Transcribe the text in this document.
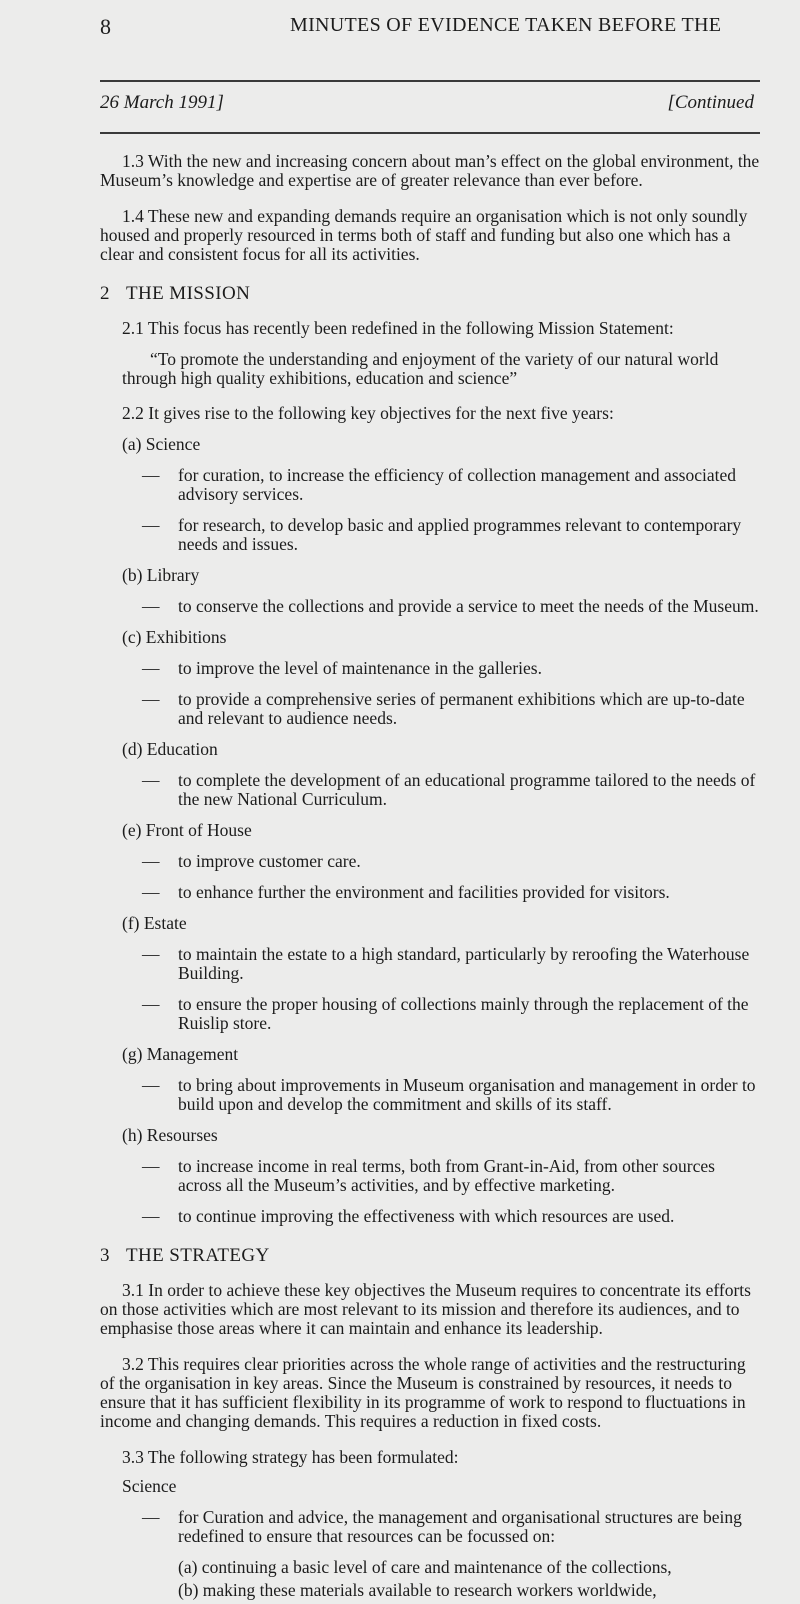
8	MINUTES OF EVIDENCE TAKEN BEFORE THE
26 March 1991]	[Continued

1.3 With the new and increasing concern about man’s effect on the global environment, the Museum’s knowledge and expertise are of greater relevance than ever before.

1.4 These new and expanding demands require an organisation which is not only soundly housed and properly resourced in terms both of staff and funding but also one which has a clear and consistent focus for all its activities.

2 THE MISSION

2.1 This focus has recently been redefined in the following Mission Statement:

“To promote the understanding and enjoyment of the variety of our natural world through high quality exhibitions, education and science”

2.2 It gives rise to the following key objectives for the next five years:

(a) Science

— for curation, to increase the efficiency of collection management and associated advisory services.
— for research, to develop basic and applied programmes relevant to contemporary needs and issues.

(b) Library

— to conserve the collections and provide a service to meet the needs of the Museum.

(c) Exhibitions

— to improve the level of maintenance in the galleries.
— to provide a comprehensive series of permanent exhibitions which are up-to-date and relevant to audience needs.

(d) Education

— to complete the development of an educational programme tailored to the needs of the new National Curriculum.

(e) Front of House

— to improve customer care.
— to enhance further the environment and facilities provided for visitors.

(f) Estate

— to maintain the estate to a high standard, particularly by reroofing the Waterhouse Building.
— to ensure the proper housing of collections mainly through the replacement of the Ruislip store.

(g) Management

— to bring about improvements in Museum organisation and management in order to build upon and develop the commitment and skills of its staff.

(h) Resourses

— to increase income in real terms, both from Grant-in-Aid, from other sources across all the Museum’s activities, and by effective marketing.
— to continue improving the effectiveness with which resources are used.
3 THE STRATEGY

3.1 In order to achieve these key objectives the Museum requires to concentrate its efforts on those activities which are most relevant to its mission and therefore its audiences, and to emphasise those areas where it can maintain and enhance its leadership.

3.2 This requires clear priorities across the whole range of activities and the restructuring of the organisation in key areas. Since the Museum is constrained by resources, it needs to ensure that it has sufficient flexibility in its programme of work to respond to fluctuations in income and changing demands. This requires a reduction in fixed costs.

3.3 The following strategy has been formulated:

Science

— for Curation and advice, the management and organisational structures are being redefined to ensure that resources can be focussed on:

(a) continuing a basic level of care and maintenance of the collections,

(b) making these materials available to research workers worldwide,
